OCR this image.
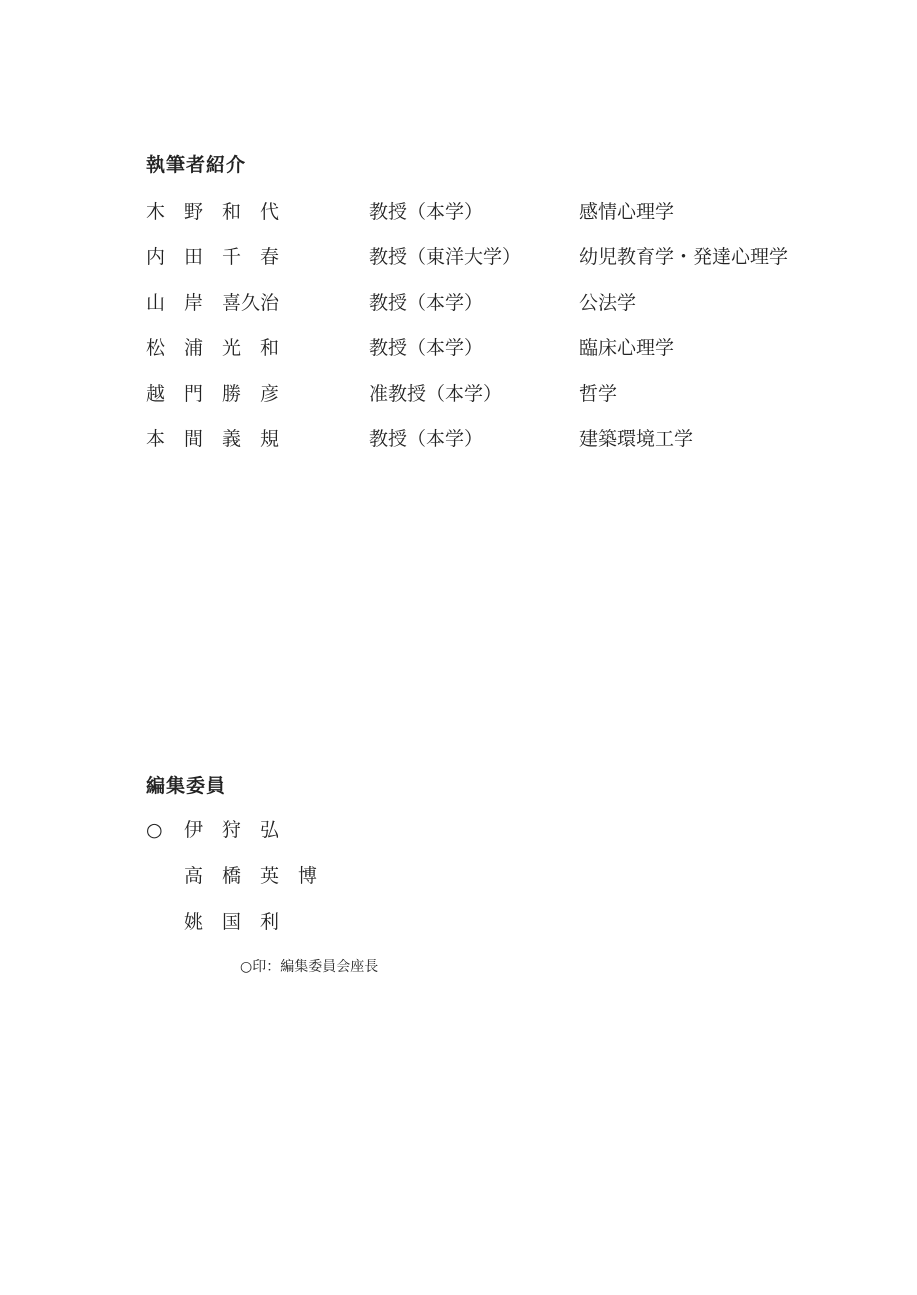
執筆者紹介
木　野　和　代	教授（本学）	感情心理学
内　田　千　春	教授（東洋大学）	幼児教育学・発達心理学
山　岸　喜久治	教授（本学）	公法学
松　浦　光　和	教授（本学）	臨床心理学
越　門　勝　彦	准教授（本学）	哲学
本　間　義　規	教授（本学）	建築環境工学
編集委員
○ 伊　狩　弘
高　橋　英　博
姚　国　利
○印：編集委員会座長
